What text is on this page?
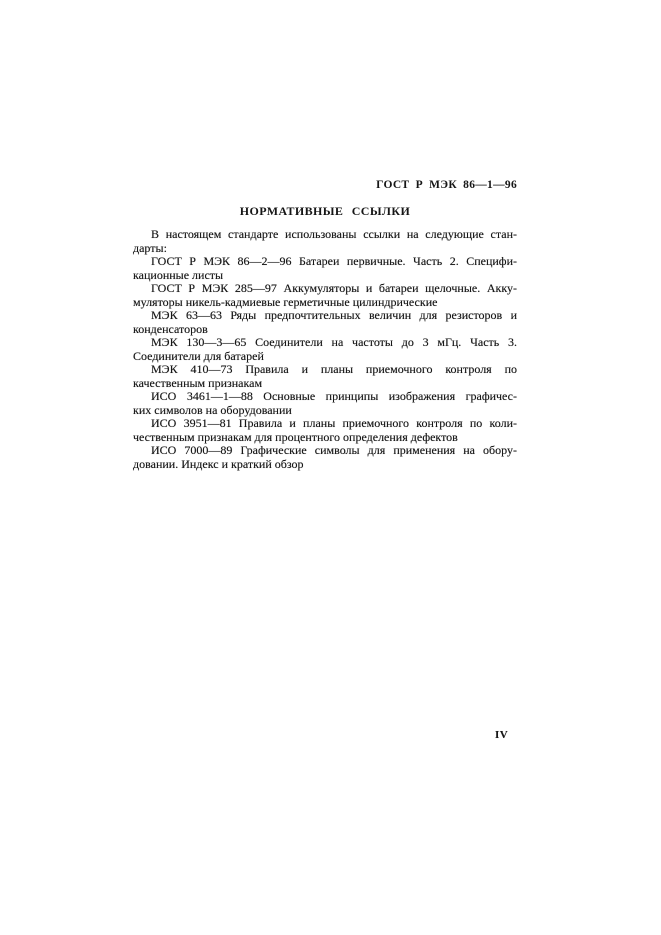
ГОСТ Р МЭК 86—1—96
НОРМАТИВНЫЕ ССЫЛКИ
В настоящем стандарте использованы ссылки на следующие стан-
дарты:
ГОСТ Р МЭК 86—2—96 Батареи первичные. Часть 2. Специфи-
кационные листы
ГОСТ Р МЭК 285—97 Аккумуляторы и батареи щелочные. Акку-
муляторы никель-кадмиевые герметичные цилиндрические
МЭК 63—63 Ряды предпочтительных величин для резисторов и
конденсаторов
МЭК 130—3—65 Соединители на частоты до 3 мГц. Часть 3.
Соединители для батарей
МЭК 410—73 Правила и планы приемочного контроля по
качественным признакам
ИСО 3461—1—88 Основные принципы изображения графичес-
ких символов на оборудовании
ИСО 3951—81 Правила и планы приемочного контроля по коли-
чественным признакам для процентного определения дефектов
ИСО 7000—89 Графические символы для применения на обору-
довании. Индекс и краткий обзор
IV
